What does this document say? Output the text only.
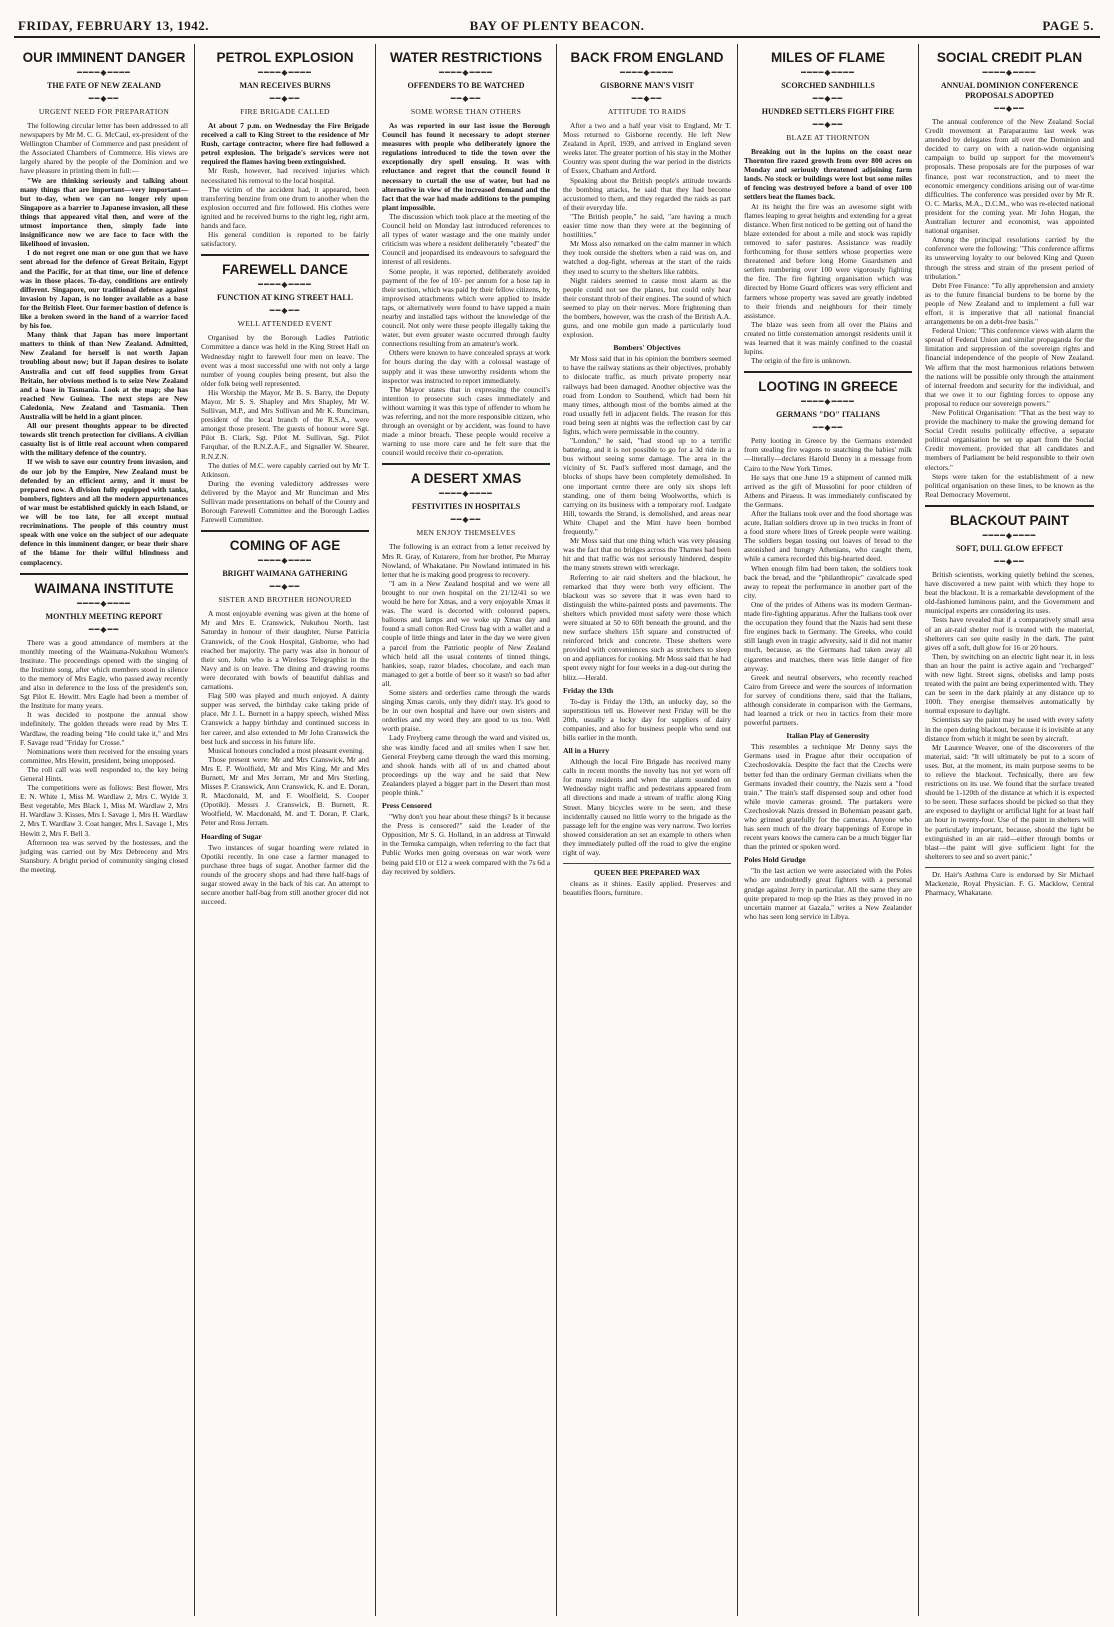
FRIDAY, FEBRUARY 13, 1942.	BAY OF PLENTY BEACON.	PAGE 5.
OUR IMMINENT DANGER
━━━━◆━━━━
THE FATE OF NEW ZEALAND
━━◆━━
URGENT NEED FOR PREPARATION

The following circular letter has been addressed to all newspapers by Mr M. C. G. McCaul, ex-president of the Wellington Chamber of Commerce and past president of the Associated Chambers of Commerce. His views are largely shared by the people of the Dominion and we have pleasure in printing them in full:—

"We are thinking seriously and talking about many things that are important—very important—but to-day, when we can no longer rely upon Singapore as a barrier to Japanese invasion, all these things that appeared vital then, and were of the utmost importance then, simply fade into insignificance now we are face to face with the likelihood of invasion.

I do not regret one man or one gun that we have sent abroad for the defence of Great Britain, Egypt and the Pacific, for at that time, our line of defence was in those places. To-day, conditions are entirely different. Singapore, our traditional defence against invasion by Japan, is no longer available as a base for the British Fleet. Our former bastion of defence is like a broken sword in the hand of a warrior faced by his foe.

Many think that Japan has more important matters to think of than New Zealand. Admitted, New Zealand for herself is not worth Japan troubling about now; but if Japan desires to isolate Australia and cut off food supplies from Great Britain, her obvious method is to seize New Zealand and a base in Tasmania. Look at the map; she has reached New Guinea. The next steps are New Caledonia, New Zealand and Tasmania. Then Australia will be held in a giant pincer.

All our present thoughts appear to be directed towards slit trench protection for civilians. A civilian casualty list is of little real account when compared with the military defence of the country.

If we wish to save our country from invasion, and do our job by the Empire, New Zealand must be defended by an efficient army, and it must be prepared now. A division fully equipped with tanks, bombers, fighters and all the modern appurtenances of war must be established quickly in each Island, or we will be too late, for all except mutual recriminations. The people of this country must speak with one voice on the subject of our adequate defence in this imminent danger, or bear their share of the blame for their wilful blindness and complacency.

WAIMANA INSTITUTE
━━━━◆━━━━
MONTHLY MEETING REPORT
━━◆━━

There was a good attendance of members at the monthly meeting of the Waimana-Nukuhou Women's Institute. The proceedings opened with the singing of the Institute song, after which members stood in silence to the memory of Mrs Eagle, who passed away recently and also in deference to the loss of the president's son, Sgt Pilot E. Hewitt. Mrs Eagle had been a member of the Institute for many years.

It was decided to postpone the annual show indefinitely. The golden threads were read by Mrs T. Wardlaw, the reading being "He could take it," and Mrs F. Savage read "Friday for Crosse."

Nominations were then received for the ensuing years committee, Mrs Hewitt, president, being unopposed.

The roll call was well responded to, the key being General Hints.

The competitions were as follows: Best flower, Mrs E. N. White 1, Miss M. Wardlaw 2, Mrs C. Wylde 3. Best vegetable, Mrs Black 1, Miss M. Wardlaw 2, Mrs H. Wardlaw 3. Kisses, Mrs I. Savage 1, Mrs H. Wardlaw 2, Mrs T. Wardlaw 3. Coat hanger, Mrs I. Savage 1, Mrs Hewitt 2, Mrs F. Bell 3.

Afternoon tea was served by the hostesses, and the judging was carried out by Mrs Debreceny and Mrs Stansbury. A bright period of community singing closed the meeting.

PETROL EXPLOSION
━━━━◆━━━━
MAN RECEIVES BURNS
━━◆━━
FIRE BRIGADE CALLED

At about 7 p.m. on Wednesday the Fire Brigade received a call to King Street to the residence of Mr Rush, cartage contractor, where fire had followed a petrol explosion. The brigade's services were not required the flames having been extinguished.

Mr Rush, however, had received injuries which necessitated his removal to the local hospital.

The victim of the accident had, it appeared, been transferring benzine from one drum to another when the explosion occurred and fire followed. His clothes were ignited and he received burns to the right leg, right arm, hands and face.

His general condition is reported to be fairly satisfactory.

FAREWELL DANCE
━━━━◆━━━━
FUNCTION AT KING STREET HALL
━━◆━━
WELL ATTENDED EVENT

Organised by the Borough Ladies Patriotic Committee a dance was held in the King Street Hall on Wednesday night to farewell four men on leave. The event was a most successful one with not only a large number of young couples being present, but also the older folk being well represented.

His Worship the Mayor, Mr B. S. Barry, the Deputy Mayor, Mr S. S. Shapley and Mrs Shapley, Mr W. Sullivan, M.P., and Mrs Sullivan and Mr K. Runciman, president of the local branch of the R.S.A., were amongst those present. The guests of honour were Sgt. Pilot B. Clark, Sgt. Pilot M. Sullivan, Sgt. Pilot Farquhar, of the R.N.Z.A.F., and Signaller W. Shearer, R.N.Z.N.

The duties of M.C. were capably carried out by Mr T. Atkinson.

During the evening valedictory addresses were delivered by the Mayor and Mr Runciman and Mrs Sullivan made presentations on behalf of the County and Borough Farewell Committee and the Borough Ladies Farewell Committee.

COMING OF AGE
━━━━◆━━━━
BRIGHT WAIMANA GATHERING
━━◆━━
SISTER AND BROTHER HONOURED

A most enjoyable evening was given at the home of Mr and Mrs E. Cranswick, Nukuhou North, last Saturday in honour of their daughter, Nurse Patricia Cranswick, of the Cook Hospital, Gisborne, who had reached her majority. The party was also in honour of their son, John who is a Wireless Telegraphist in the Navy and is on leave. The dining and drawing rooms were decorated with bowls of beautiful dahlias and carnations.

Flag 500 was played and much enjoyed. A dainty supper was served, the birthday cake taking pride of place. Mr J. L. Burnett in a happy speech, wished Miss Cranswick a happy birthday and continued success in her career, and also extended to Mr John Cranswick the best luck and success in his future life.

Musical honours concluded a most pleasant evening.

Those present were: Mr and Mrs Cranswick, Mr and Mrs E. P. Woolfield, Mr and Mrs King, Mr and Mrs Burnett, Mr and Mrs Jerram, Mr and Mrs Sterling, Misses P. Cranswick, Ann Cranswick, K. and E. Doran, R. Macdonald, M. and F. Woolfield, S. Cooper (Opotiki). Messrs J. Cranswick, B. Burnett, R. Woolfield, W. Macdonald, M. and T. Doran, P. Clark, Peter and Ross Jerram.

Hoarding of Sugar

Two instances of sugar hoarding were related in Opotiki recently. In one case a farmer managed to purchase three bags of sugar. Another farmer did the rounds of the grocery shops and had three half-bags of sugar stowed away in the back of his car. An attempt to secure another half-bag from still another grocer did not succeed.

WATER RESTRICTIONS
━━━━◆━━━━
OFFENDERS TO BE WATCHED
━━◆━━
SOME WORSE THAN OTHERS

As was reported in our last issue the Borough Council has found it necessary to adopt sterner measures with people who deliberately ignore the regulations introduced to tide the town over the exceptionally dry spell ensuing. It was with reluctance and regret that the council found it necessary to curtail the use of water, but had no alternative in view of the increased demand and the fact that the war had made additions to the pumping plant impossible.

The discussion which took place at the meeting of the Council held on Monday last introduced references to all types of water wastage and the one mainly under criticism was where a resident deliberately "cheated" the Council and jeopardised its endeavours to safeguard the interest of all residents.

Some people, it was reported, deliberately avoided payment of the fee of 10/- per annum for a hose tap in their section, which was paid by their fellow citizens, by improvised attachments which were applied to inside taps, or alternatively were found to have tapped a main nearby and installed taps without the knowledge of the council. Not only were these people illegally taking the water, but even greater waste occurred through faulty connections resulting from an amateur's work.

Others were known to have concealed sprays at work for hours during the day with a colossal wastage of supply and it was these unworthy residents whom the inspector was instructed to report immediately.

The Mayor states that in expressing the council's intention to prosecute such cases immediately and without warning it was this type of offender to whom he was referring, and not the more responsible citizen, who through an oversight or by accident, was found to have made a minor breach. These people would receive a warning to use more care and he felt sure that the council would receive their co-operation.

A DESERT XMAS
━━━━◆━━━━
FESTIVITIES IN HOSPITALS
━━◆━━
MEN ENJOY THEMSELVES

The following is an extract from a letter received by Mrs R. Gray, of Kutarere, from her brother, Pte Murray Nowland, of Whakatane. Pte Nowland intimated in his letter that he is making good progress to recovery.

"I am in a New Zealand hospital and we were all brought to our own hospital on the 21/12/41 so we would be here for Xmas, and a very enjoyable Xmas it was. The ward is decorted with coloured papers, balloons and lamps and we woke up Xmas day and found a small cotton Red Cross bag with a wallet and a couple of little things and later in the day we were given a parcel from the Patriotic people of New Zealand which held all the usual contents of tinned things, hankies, soap, razor blades, chocolate, and each man managed to get a bottle of beer so it wasn't so bad after all.

Some sisters and orderlies came through the wards singing Xmas carols, only they didn't stay. It's good to be in our own hospital and have our own sisters and orderlies and my word they are good to us too. Well worth praise.

Lady Freyberg came through the ward and visited us, she was kindly faced and all smiles when I saw her. General Freyberg came through the ward this morning, and shook hands with all of us and chatted about proceedings up the way and he said that New Zealanders played a bigger part in the Desert than most people think."

Press Censored

"Why don't you hear about these things? Is it because the Press is censored?" said the Leader of the Opposition, Mr S. G. Holland, in an address at Tinwald in the Temuka campaign, when referring to the fact that Public Works men going overseas on war work were being paid £10 or £12 a week compared with the 7s 6d a day received by soldiers.

BACK FROM ENGLAND
━━━━◆━━━━
GISBORNE MAN'S VISIT
━━◆━━
ATTITUDE TO RAIDS

After a two and a half year visit to England, Mr T. Moss returned to Gisborne recently. He left New Zealand in April, 1939, and arrived in England seven weeks later. The greater portion of his stay in the Mother Country was spent during the war period in the districts of Essex, Chatham and Artford.

Speaking about the British people's attitude towards the bombing attacks, he said that they had become accustomed to them, and they regarded the raids as part of their everyday life.

"The British people," he said, "are having a much easier time now than they were at the beginning of hostilities."

Mr Moss also remarked on the calm manner in which they took outside the shelters when a raid was on, and watched a dog-fight, whereas at the start of the raids they used to scurry to the shelters like rabbits.

Night raiders seemed to cause most alarm as the people could not see the planes, but could only hear their constant throb of their engines. The sound of which seemed to play on their nerves. More frightening than the bombers, however, was the crash of the British A.A. guns, and one mobile gun made a particularly loud explosion.

Bombers' Objectives

Mr Moss said that in his opinion the bombers seemed to have the railway stations as their objectives, probably to dislocate traffic, as much private property near railways had been damaged. Another objective was the road from London to Southend, which had been hit many times, although most of the bombs aimed at the road usually fell in adjacent fields. The reason for this road being seen at nights was the reflection cast by car lights, which were permissable in the country.

"London," he said, "had stood up to a terrific battering, and it is not possible to go for a 3d ride in a bus without seeing some damage. The area in the vicinity of St. Paul's suffered most damage, and the blocks of shops have been completely demolished. In one important centre there are only six shops left standing, one of them being Woolworths, which is carrying on its business with a temporary roof. Ludgate Hill, towards the Strand, is demolished, and areas near White Chapel and the Mint have been bombed frequently."

Mr Moss said that one thing which was very pleasing was the fact that no bridges across the Thames had been hit and that traffic was not seriously hindered, despite the many streets strewn with wreckage.

Referring to air raid shelters and the blackout, he remarked that they were both very efficient. The blackout was so severe that it was even hard to distinguish the white-painted posts and pavements. The shelters which provided most safety were those which were situated at 50 to 60ft beneath the ground, and the new surface shelters 15ft square and constructed of reinforced brick and concrete. These shelters were provided with conveniences such as stretchers to sleep on and appliances for cooking. Mr Moss said that he had spent every night for four weeks in a dug-out during the blitz.—Herald.

Friday the 13th

To-day is Friday the 13th, an unlucky day, so the superstitious tell us. However next Friday will be the 20th, usually a lucky day for suppliers of dairy companies, and also for business people who send out bills earlier in the month.

All in a Hurry

Although the local Fire Brigade has received many calls in recent months the novelty has not yet worn off for many residents and when the alarm sounded on Wednesday night traffic and pedestrians appeared from all directions and made a stream of traffic along King Street. Many bicycles were to be seen, and these incidentally caused no little worry to the brigade as the passage left for the engine was very narrow. Two lorries showed consideration an set an example to others when they immediately pulled off the road to give the engine right of way.

QUEEN BEE PREPARED WAX

cleans as it shines. Easily applied. Preserves and beautifies floors, furniture.

MILES OF FLAME
━━━━◆━━━━
SCORCHED SANDHILLS
━━◆━━
HUNDRED SETTLERS FIGHT FIRE
━━◆━━
BLAZE AT THORNTON

Breaking out in the lupins on the coast near Thornton fire razed growth from over 800 acres on Monday and seriously threatened adjoining farm lands. No stock or buildings were lost but some miles of fencing was destroyed before a band of over 100 settlers beat the flames back.

At its height the fire was an awesome sight with flames leaping to great heights and extending for a great distance. When first noticed to be getting out of hand the blaze extended for about a mile and stock was rapidly removed to safer pastures. Assistance was readily forthcoming for those settlers whose properties were threatened and before long Home Guardsmen and settlers numbering over 100 were vigorously fighting the fire. The fire fighting organisation which was directed by Home Guard officers was very efficient and farmers whose property was saved are greatly indebted to their friends and neighbours for their timely assistance.

The blaze was seen from all over the Plains and created no little consternation amongst residents until it was learned that it was mainly confined to the coastal lupins.

The origin of the fire is unknown.

LOOTING IN GREECE
━━━━◆━━━━
GERMANS "DO" ITALIANS
━━◆━━

Petty looting in Greece by the Germans extended from stealing fire wagons to snatching the babies' milk—literally—declares Harold Denny in a message from Cairo to the New York Times.

He says that one June 19 a shipment of canned milk arrived as the gift of Mussolini for poor children of Athens and Piraeus. It was immediately confiscated by the Germans.

After the Italians took over and the food shortage was acute, Italian soldiers drove up in two trucks in front of a food store where lines of Greek people were waiting. The soldiers began tossing out loaves of bread to the astonished and hungry Athenians, who caught them, while a camera recorded this big-hearted deed.

When enough film had been taken, the soldiers took back the bread, and the "philanthropic" cavalcade sped away to repeat the performance in another part of the city.

One of the prides of Athens was its modern German-made fire-fighting apparatus. After the Italians took over the occupation they found that the Nazis had sent these fire engines back to Germany. The Greeks, who could still laugh even in tragic adversity, said it did not matter much, because, as the Germans had taken away all cigarettes and matches, there was little danger of fire anyway.

Greek and neutral observers, who recently reached Cairo from Greece and were the sources of information for survey of conditions there, said that the Italians, although considerate in comparison with the Germans, had learned a trick or two in tactics from their more powerful partners.

Italian Play of Generosity

This resembles a technique Mr Denny says the Germans used in Prague after their occupation of Czechoslovakia. Despite the fact that the Czechs were better fed than the ordinary German civilians when the Germans invaded their country, the Nazis sent a "food train." The train's staff dispensed soup and other food while movie cameras ground. The partakers were Czechoslovak Nazis dressed in Bohemian peasant garb, who grinned gratefully for the cameras. Anyone who has seen much of the dreary happenings of Europe in recent years knows the camera can be a much bigger liar than the printed or spoken word.

Poles Hold Grudge

"In the last action we were associated with the Poles who are undoubtedly great fighters with a personal grudge against Jerry in particular. All the same they are quite prepared to mop up the Ities as they proved in no uncertain manner at Gazala," writes a New Zealander who has seen long service in Libya.

SOCIAL CREDIT PLAN
━━━━◆━━━━
ANNUAL DOMINION CONFERENCE PROPOSALS ADOPTED
━━◆━━

The annual conference of the New Zealand Social Credit movement at Paraparaumu last week was attended by delegates from all over the Dominion and decided to carry on with a nation-wide organising campaign to build up support for the movement's proposals. These proposals are for the purposes of war finance, post war reconstruction, and to meet the economic emergency conditions arising out of war-time difficulties. The conference was presided over by Mr R. O. C. Marks, M.A., D.C.M., who was re-elected national president for the coming year. Mr John Hogan, the Australian lecturer and economist, was appointed national organiser.

Among the principal resolutions carried by the conference were the following: "This conference affirms its unswerving loyalty to our beloved King and Queen through the stress and strain of the present period of tribulation."

Debt Free Finance: "To ally apprehension and anxiety as to the future financial burdens to be borne by the people of New Zealand and to implement a full war effort, it is imperative that all national financial arrangements be on a debt-free basis."

Federal Union: "This conference views with alarm the spread of Federal Union and similar propaganda for the limitation and suppression of the sovereign rights and financial independence of the people of New Zealand. We affirm that the most harmonious relations between the nations will be possible only through the attainment of internal freedom and security for the individual, and that we owe it to our fighting forces to oppose any proposal to reduce our sovereign powers."

New Political Organisation: "That as the best way to provide the machinery to make the growing demand for Social Credit results politically effective, a separate political organisation be set up apart from the Social Credit movement, provided that all candidates and members of Parliament be held responsible to their own electors."

Steps were taken for the establishment of a new political organisation on these lines, to be known as the Real Democracy Movement.

BLACKOUT PAINT
━━━━◆━━━━
SOFT, DULL GLOW EFFECT
━━◆━━

British scientists, working quietly behind the scenes, have discovered a new paint with which they hope to beat the blackout. It is a remarkable development of the old-fashioned luminous paint, and the Government and municipal experts are considering its uses.

Tests have revealed that if a comparatively small area of an air-raid shelter roof is treated with the material, shelterers can see quite easily in the dark. The paint gives off a soft, dull glow for 16 or 20 hours.

Then, by switching on an electric light near it, in less than an hour the paint is active again and "recharged" with new light. Street signs, obelisks and lamp posts treated with the paint are being experimented with. They can be seen in the dark plainly at any distance up to 100ft. They energise themselves automatically by normal exposure to daylight.

Scientists say the paint may be used with every safety in the open during blackout, because it is invisible at any distance from which it might be seen by aircraft.

Mr Laurence Weaver, one of the discoverers of the material, said: "It will ultimately be put to a score of uses. But, at the moment, its main purpose seems to be to relieve the blackout. Technically, there are few restrictions on its use. We found that the surface treated should be 1-120th of the distance at which it is expected to be seen. These surfaces should be picked so that they are exposed to daylight or artificial light for at least half an hour in twenty-four. Use of the paint in shelters will be particularly important, because, should the light be extinguished in an air raid—either through bombs or blast—the paint will give sufficient light for the shelterers to see and so avert panic."

Dr. Hair's Asthma Cure is endorsed by Sir Michael Mackenzie, Royal Physician. F. G. Macklow, Central Pharmacy, Whakatane.
